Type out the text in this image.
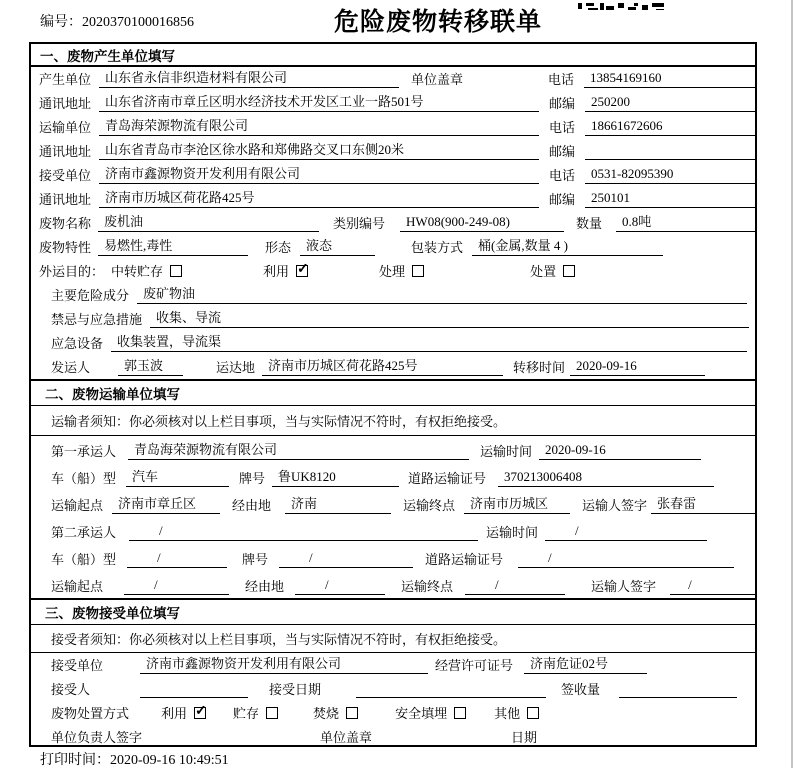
编号：2020370100016856	危险废物转移联单
一、废物产生单位填写
产生单位	山东省永信非织造材料有限公司	单位盖章	电话	13854169160
通讯地址	山东省济南市章丘区明水经济技术开发区工业一路501号	邮编	250200
运输单位	青岛海荣源物流有限公司	电话	18661672606
通讯地址	山东省青岛市李沧区徐水路和郑佛路交叉口东侧20米	邮编
接受单位	济南市鑫源物资开发利用有限公司	电话	0531-82095390
通讯地址	济南市历城区荷花路425号	邮编	250101
废物名称	废机油	类别编号	HW08(900-249-08)	数量	0.8吨
废物特性	易燃性,毒性	形态	液态	包装方式	桶(金属,数量 4 )
外运目的： 中转贮存	利用 ✓	处理	处置
主要危险成分	废矿物油
禁忌与应急措施	收集、导流
应急设备	收集装置，导流渠
发运人	郭玉波	运达地	济南市历城区荷花路425号	转移时间 2020-09-16
二、废物运输单位填写
运输者须知：你必须核对以上栏目事项，当与实际情况不符时，有权拒绝接受。
第一承运人	青岛海荣源物流有限公司	运输时间	2020-09-16
车（船）型	汽车	牌号	鲁UK8120	道路运输证号	370213006408
运输起点	济南市章丘区	经由地	济南	运输终点	济南市历城区	运输人签字 张春雷
第二承运人	/	运输时间	/
车（船）型	/	牌号	/	道路运输证号	/
运输起点	/	经由地	/	运输终点	/	运输人签字	/
三、废物接受单位填写
接受者须知：你必须核对以上栏目事项，当与实际情况不符时，有权拒绝接受。
接受单位	济南市鑫源物资开发利用有限公司	经营许可证号	济南危证02号
接受人	接受日期	签收量
废物处置方式 利用 ✓	贮存	焚烧	安全填埋	其他
单位负责人签字	单位盖章	日期
打印时间：2020-09-16 10:49:51
